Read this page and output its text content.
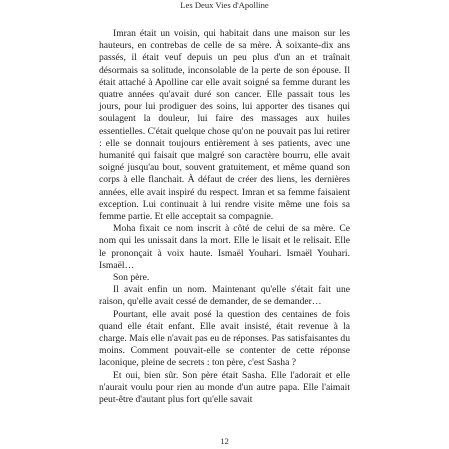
Les Deux Vies d'Apolline

Imran était un voisin, qui habitait dans une maison sur les hauteurs, en contrebas de celle de sa mère. À soixante-dix ans passés, il était veuf depuis un peu plus d'un an et traînait désormais sa solitude, inconsolable de la perte de son épouse. Il était attaché à Apolline car elle avait soigné sa femme durant les quatre années qu'avait duré son cancer. Elle passait tous les jours, pour lui prodiguer des soins, lui apporter des tisanes qui soulagent la douleur, lui faire des massages aux huiles essentielles. C'était quelque chose qu'on ne pouvait pas lui retirer : elle se donnait toujours entièrement à ses patients, avec une humanité qui faisait que malgré son caractère bourru, elle avait soigné jusqu'au bout, souvent gratuitement, et même quand son corps à elle flanchait. À défaut de créer des liens, les dernières années, elle avait inspiré du respect. Imran et sa femme faisaient exception. Lui continuait à lui rendre visite même une fois sa femme partie. Et elle acceptait sa compagnie.

Moha fixait ce nom inscrit à côté de celui de sa mère. Ce nom qui les unissait dans la mort. Elle le lisait et le relisait. Elle le prononçait à voix haute. Ismaël Youhari. Ismaël Youhari. Ismaël…

Son père.

Il avait enfin un nom. Maintenant qu'elle s'était fait une raison, qu'elle avait cessé de demander, de se demander…

Pourtant, elle avait posé la question des centaines de fois quand elle était enfant. Elle avait insisté, était revenue à la charge. Mais elle n'avait pas eu de réponses. Pas satisfaisantes du moins. Comment pouvait-elle se contenter de cette réponse laconique, pleine de secrets : ton père, c'est Sasha ?

Et oui, bien sûr. Son père était Sasha. Elle l'adorait et elle n'aurait voulu pour rien au monde d'un autre papa. Elle l'aimait peut-être d'autant plus fort qu'elle savait

12
